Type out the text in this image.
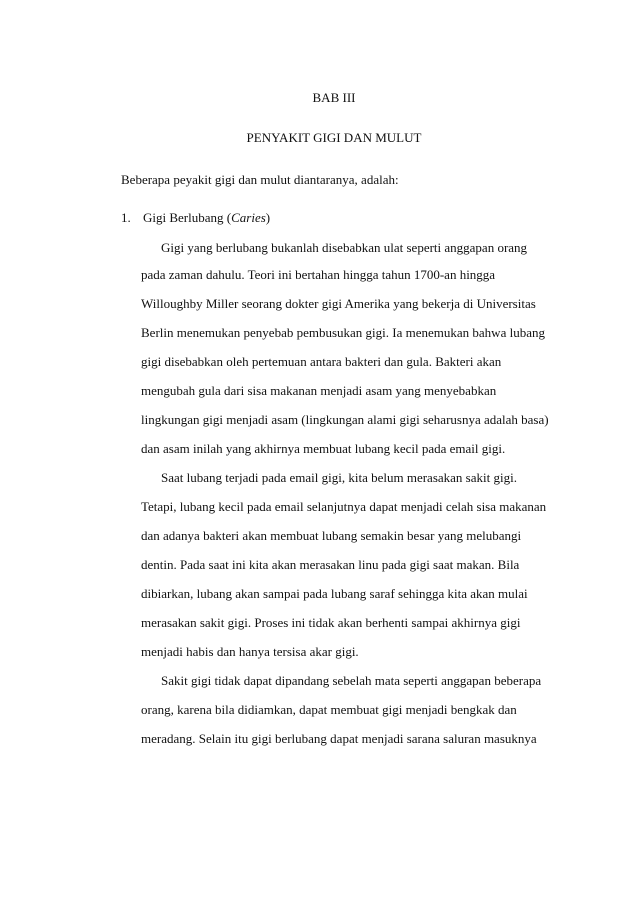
BAB III
PENYAKIT GIGI DAN MULUT
Beberapa peyakit gigi dan mulut diantaranya, adalah:
1. Gigi Berlubang (Caries)
Gigi yang berlubang bukanlah disebabkan ulat seperti anggapan orang
pada zaman dahulu. Teori ini bertahan hingga tahun 1700-an hingga
Willoughby Miller seorang dokter gigi Amerika yang bekerja di Universitas
Berlin menemukan penyebab pembusukan gigi. Ia menemukan bahwa lubang
gigi disebabkan oleh pertemuan antara bakteri dan gula. Bakteri akan
mengubah gula dari sisa makanan menjadi asam yang menyebabkan
lingkungan gigi menjadi asam (lingkungan alami gigi seharusnya adalah basa)
dan asam inilah yang akhirnya membuat lubang kecil pada email gigi.
Saat lubang terjadi pada email gigi, kita belum merasakan sakit gigi.
Tetapi, lubang kecil pada email selanjutnya dapat menjadi celah sisa makanan
dan adanya bakteri akan membuat lubang semakin besar yang melubangi
dentin. Pada saat ini kita akan merasakan linu pada gigi saat makan. Bila
dibiarkan, lubang akan sampai pada lubang saraf sehingga kita akan mulai
merasakan sakit gigi. Proses ini tidak akan berhenti sampai akhirnya gigi
menjadi habis dan hanya tersisa akar gigi.
Sakit gigi tidak dapat dipandang sebelah mata seperti anggapan beberapa
orang, karena bila didiamkan, dapat membuat gigi menjadi bengkak dan
meradang. Selain itu gigi berlubang dapat menjadi sarana saluran masuknya
